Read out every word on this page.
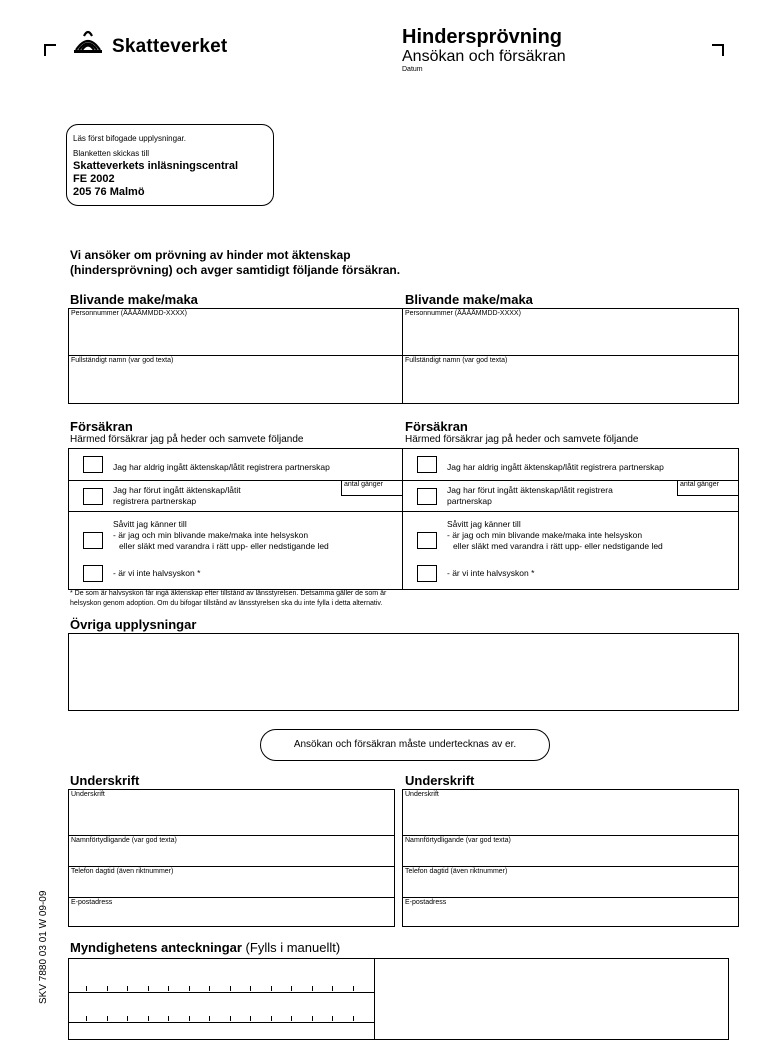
Skatteverket	Hindersprövning
Ansökan och försäkran
Datum
Läs först bifogade upplysningar.
Blanketten skickas till
Skatteverkets inläsningscentral
FE 2002
205 76 Malmö
Vi ansöker om prövning av hinder mot äktenskap
(hindersprövning) och avger samtidigt följande försäkran.
Blivande make/maka	Blivande make/maka
Personnummer (ÅÅÅÅMMDD-XXXX)
Fullständigt namn (var god texta)
Personnummer (ÅÅÅÅMMDD-XXXX)
Fullständigt namn (var god texta)
Försäkran
Härmed försäkrar jag på heder och samvete följande
Försäkran
Härmed försäkrar jag på heder och samvete följande
Jag har aldrig ingått äktenskap/låtit registrera partnerskap
Jag har förut ingått äktenskap/låtit
registrera partnerskap
antal gånger
Såvitt jag känner till
- är jag och min blivande make/maka inte helsyskon
eller släkt med varandra i rätt upp- eller nedstigande led
- är vi inte halvsyskon *
Jag har aldrig ingått äktenskap/låtit registrera partnerskap
Jag har förut ingått äktenskap/låtit registrera
partnerskap
antal gånger
Såvitt jag känner till
- är jag och min blivande make/maka inte helsyskon
eller släkt med varandra i rätt upp- eller nedstigande led
- är vi inte halvsyskon *
* De som är halvsyskon får ingå äktenskap efter tillstånd av länsstyrelsen. Detsamma gäller de som är
helsyskon genom adoption. Om du bifogar tillstånd av länsstyrelsen ska du inte fylla i detta alternativ.
Övriga upplysningar
Ansökan och försäkran måste undertecknas av er.
Underskrift	Underskrift
Underskrift
Namnförtydligande (var god texta)
Telefon dagtid (även riktnummer)
E-postadress
Underskrift
Namnförtydligande (var god texta)
Telefon dagtid (även riktnummer)
E-postadress
Myndighetens anteckningar (Fylls i manuellt)
SKV 7880 03 01 W 09-09
